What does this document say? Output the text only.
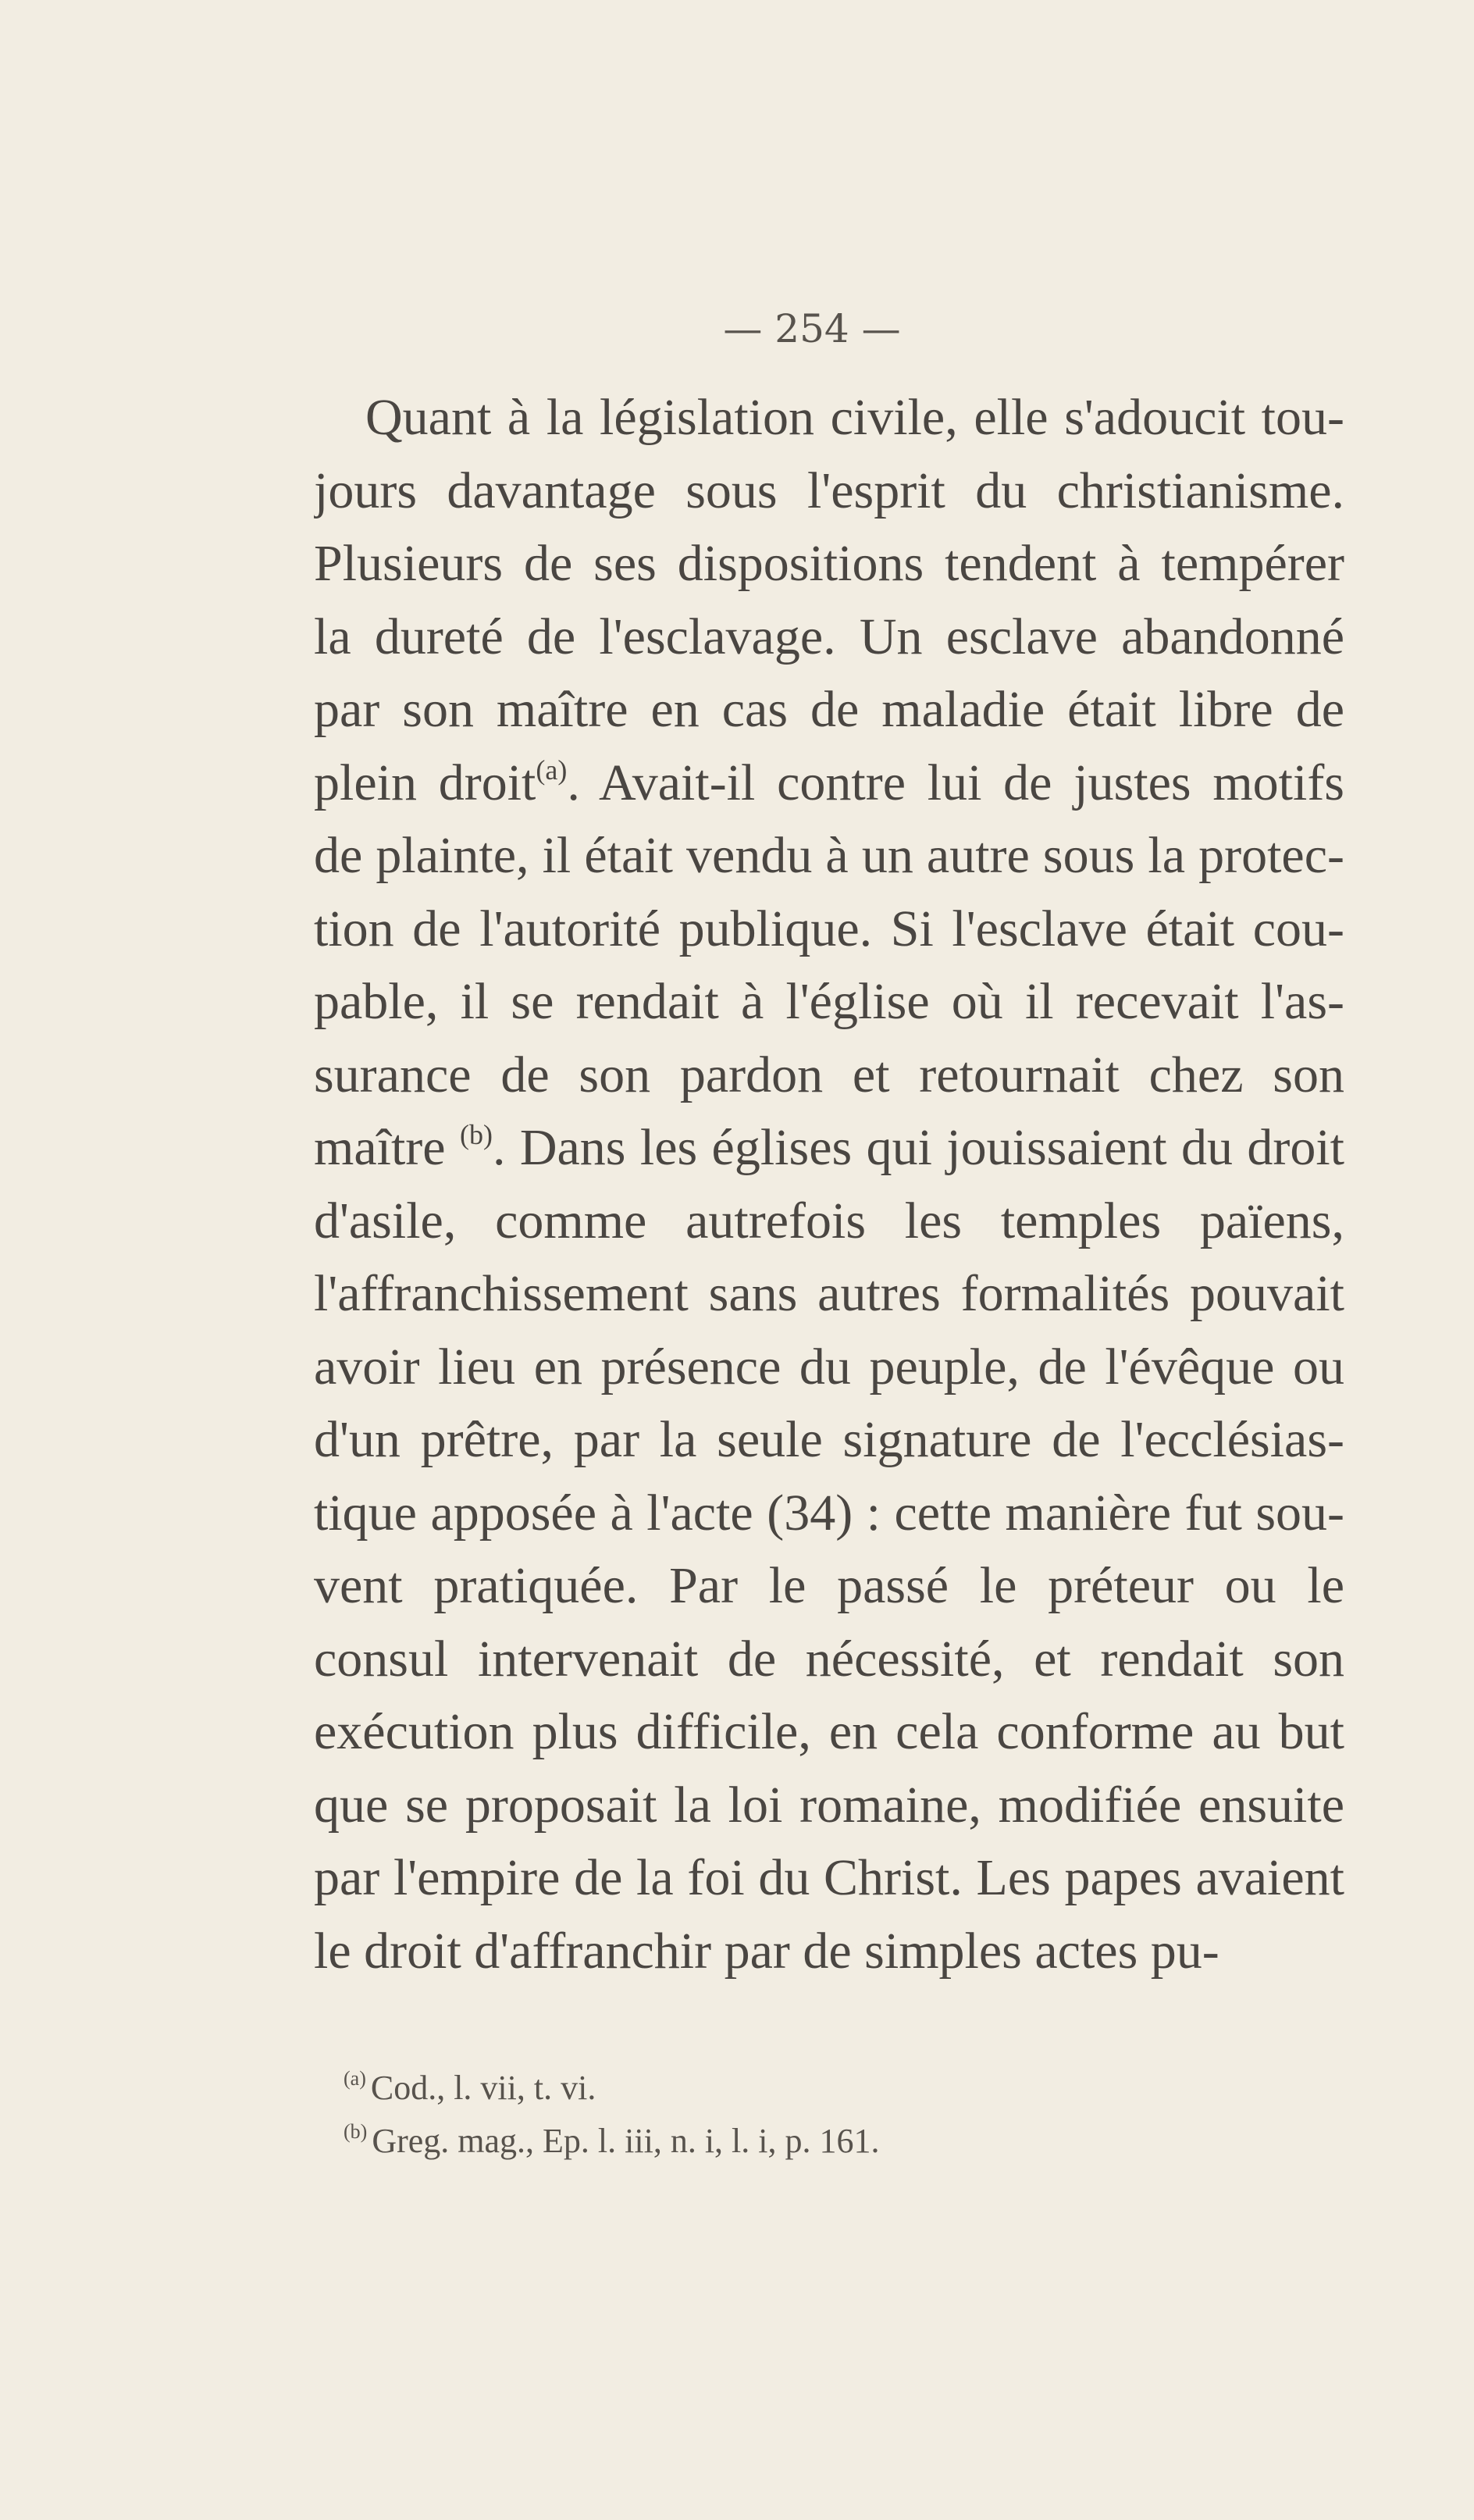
— 254 —
Quant à la législation civile, elle s'adoucit tou-
jours davantage sous l'esprit du christianisme.
Plusieurs de ses dispositions tendent à tempérer
la dureté de l'esclavage. Un esclave abandonné
par son maître en cas de maladie était libre de
plein droit$^{(a)}$. Avait-il contre lui de justes motifs
de plainte, il était vendu à un autre sous la protec-
tion de l'autorité publique. Si l'esclave était cou-
pable, il se rendait à l'église où il recevait l'as-
surance de son pardon et retournait chez son
maître $^{(b)}$. Dans les églises qui jouissaient du droit
d'asile, comme autrefois les temples païens,
l'affranchissement sans autres formalités pouvait
avoir lieu en présence du peuple, de l'évêque ou
d'un prêtre, par la seule signature de l'ecclésias-
tique apposée à l'acte (34) : cette manière fut sou-
vent pratiquée. Par le passé le préteur ou le
consul intervenait de nécessité, et rendait son
exécution plus difficile, en cela conforme au but
que se proposait la loi romaine, modifiée ensuite
par l'empire de la foi du Christ. Les papes avaient
le droit d'affranchir par de simples actes pu-
$^{(a)}$ Cod., l. vii, t. vi.
$^{(b)}$ Greg. mag., Ep. l. iii, n. i, l. i, p. 161.
